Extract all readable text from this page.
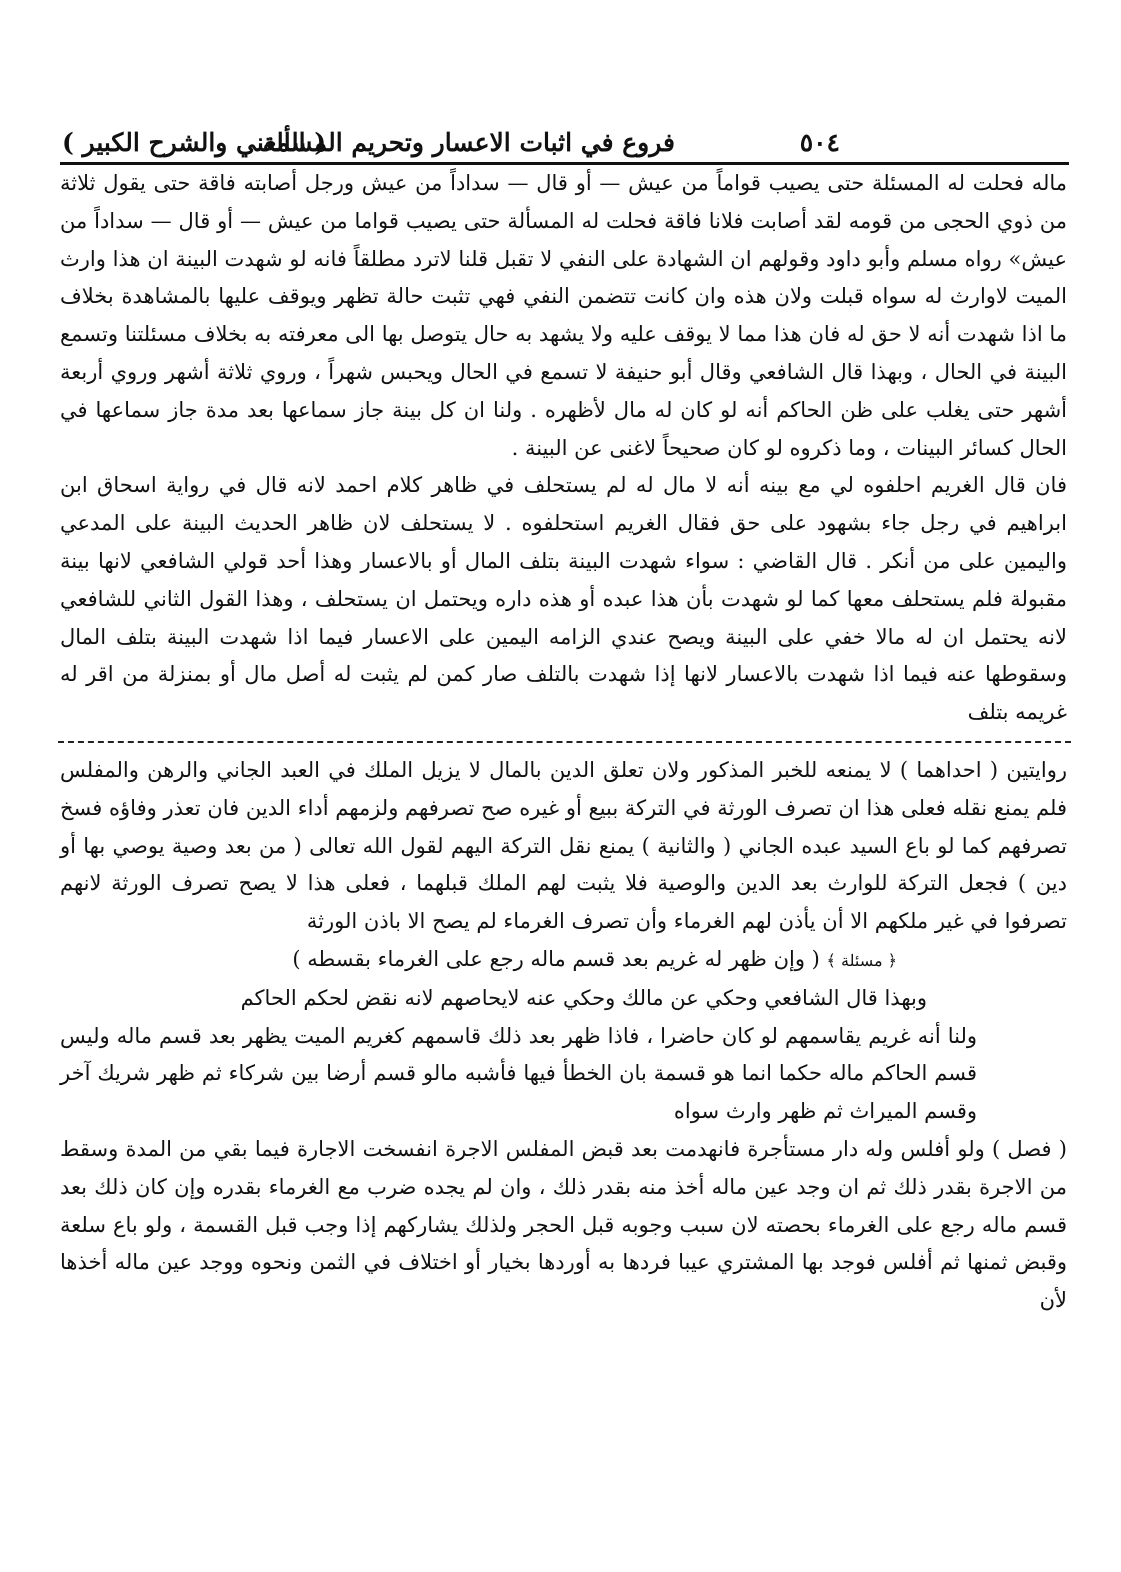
٥٠٤
فروع في اثبات الاعسار وتحريم المسألة
( المغني والشرح الكبير )

ماله فحلت له المسئلة حتى يصيب قواماً من عيش — أو قال — سداداً من عيش ورجل أصابته فاقة حتى يقول ثلاثة من ذوي الحجى من قومه لقد أصابت فلانا فاقة فحلت له المسألة حتى يصيب قواما من عيش — أو قال — سداداً من عيش» رواه مسلم وأبو داود وقولهم ان الشهادة على النفي لا تقبل قلنا لاترد مطلقاً فانه لو شهدت البينة ان هذا وارث الميت لاوارث له سواه قبلت ولان هذه وان كانت تتضمن النفي فهي تثبت حالة تظهر ويوقف عليها بالمشاهدة بخلاف ما اذا شهدت أنه لا حق له فان هذا مما لا يوقف عليه ولا يشهد به حال يتوصل بها الى معرفته به بخلاف مسئلتنا وتسمع البينة في الحال ، وبهذا قال الشافعي وقال أبو حنيفة لا تسمع في الحال ويحبس شهراً ، وروي ثلاثة أشهر وروي أربعة أشهر حتى يغلب على ظن الحاكم أنه لو كان له مال لأظهره . ولنا ان كل بينة جاز سماعها بعد مدة جاز سماعها في الحال كسائر البينات ، وما ذكروه لو كان صحيحاً لاغنى عن البينة .

فان قال الغريم احلفوه لي مع بينه أنه لا مال له لم يستحلف في ظاهر كلام احمد لانه قال في رواية اسحاق ابن ابراهيم في رجل جاء بشهود على حق فقال الغريم استحلفوه . لا يستحلف لان ظاهر الحديث البينة على المدعي واليمين على من أنكر . قال القاضي : سواء شهدت البينة بتلف المال أو بالاعسار وهذا أحد قولي الشافعي لانها بينة مقبولة فلم يستحلف معها كما لو شهدت بأن هذا عبده أو هذه داره ويحتمل ان يستحلف ، وهذا القول الثاني للشافعي لانه يحتمل ان له مالا خفي على البينة ويصح عندي الزامه اليمين على الاعسار فيما اذا شهدت البينة بتلف المال وسقوطها عنه فيما اذا شهدت بالاعسار لانها إذا شهدت بالتلف صار كمن لم يثبت له أصل مال أو بمنزلة من اقر له غريمه بتلف

روايتين ( احداهما ) لا يمنعه للخبر المذكور ولان تعلق الدين بالمال لا يزيل الملك في العبد الجاني والرهن والمفلس فلم يمنع نقله فعلى هذا ان تصرف الورثة في التركة ببيع أو غيره صح تصرفهم ولزمهم أداء الدين فان تعذر وفاؤه فسخ تصرفهم كما لو باع السيد عبده الجاني ( والثانية ) يمنع نقل التركة اليهم لقول الله تعالى ( من بعد وصية يوصي بها أو دين ) فجعل التركة للوارث بعد الدين والوصية فلا يثبت لهم الملك قبلهما ، فعلى هذا لا يصح تصرف الورثة لانهم تصرفوا في غير ملكهم الا أن يأذن لهم الغرماء وأن تصرف الغرماء لم يصح الا باذن الورثة

﴿ مسئلة ﴾ ( وإن ظهر له غريم بعد قسم ماله رجع على الغرماء بقسطه )

وبهذا قال الشافعي وحكي عن مالك وحكي عنه لايحاصهم لانه نقض لحكم الحاكم

ولنا أنه غريم يقاسمهم لو كان حاضرا ، فاذا ظهر بعد ذلك قاسمهم كغريم الميت يظهر بعد قسم ماله وليس قسم الحاكم ماله حكما انما هو قسمة بان الخطأ فيها فأشبه مالو قسم أرضا بين شركاء ثم ظهر شريك آخر وقسم الميراث ثم ظهر وارث سواه

( فصل ) ولو أفلس وله دار مستأجرة فانهدمت بعد قبض المفلس الاجرة انفسخت الاجارة فيما بقي من المدة وسقط من الاجرة بقدر ذلك ثم ان وجد عين ماله أخذ منه بقدر ذلك ، وان لم يجده ضرب مع الغرماء بقدره وإن كان ذلك بعد قسم ماله رجع على الغرماء بحصته لان سبب وجوبه قبل الحجر ولذلك يشاركهم إذا وجب قبل القسمة ، ولو باع سلعة وقبض ثمنها ثم أفلس فوجد بها المشتري عيبا فردها به أوردها بخيار أو اختلاف في الثمن ونحوه ووجد عين ماله أخذها لأن
